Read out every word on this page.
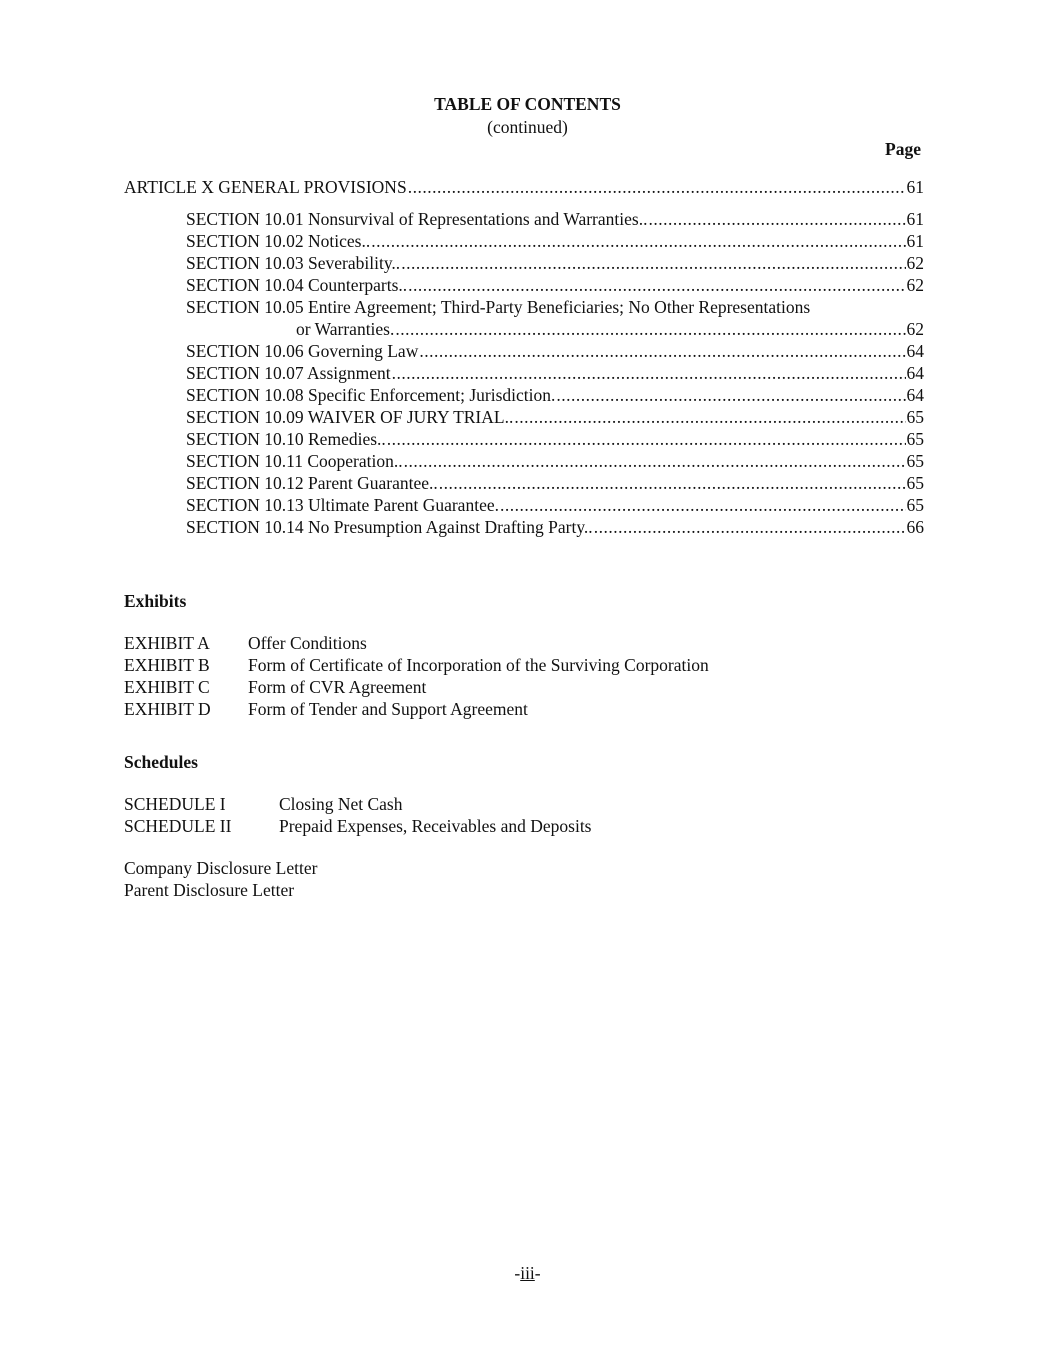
TABLE OF CONTENTS
(continued)
Page
ARTICLE X GENERAL PROVISIONS .....	61
SECTION 10.01 Nonsurvival of Representations and Warranties.. .....	61
SECTION 10.02 Notices.. .....	61
SECTION 10.03 Severability.. .....	62
SECTION 10.04 Counterparts.. .....	62
SECTION 10.05 Entire Agreement; Third-Party Beneficiaries; No Other Representations
or Warranties. .....	62
SECTION 10.06 Governing Law .....	64
SECTION 10.07 Assignment .....	64
SECTION 10.08 Specific Enforcement; Jurisdiction. .....	64
SECTION 10.09 WAIVER OF JURY TRIAL.. .....	65
SECTION 10.10 Remedies.. .....	65
SECTION 10.11 Cooperation.. .....	65
SECTION 10.12 Parent Guarantee.. .....	65
SECTION 10.13 Ultimate Parent Guarantee. .....	65
SECTION 10.14 No Presumption Against Drafting Party.. .....	66
Exhibits
EXHIBIT A Offer Conditions
EXHIBIT B Form of Certificate of Incorporation of the Surviving Corporation
EXHIBIT C Form of CVR Agreement
EXHIBIT D Form of Tender and Support Agreement
Schedules
SCHEDULE I	Closing Net Cash
SCHEDULE II	Prepaid Expenses, Receivables and Deposits
Company Disclosure Letter
Parent Disclosure Letter
-iii-
